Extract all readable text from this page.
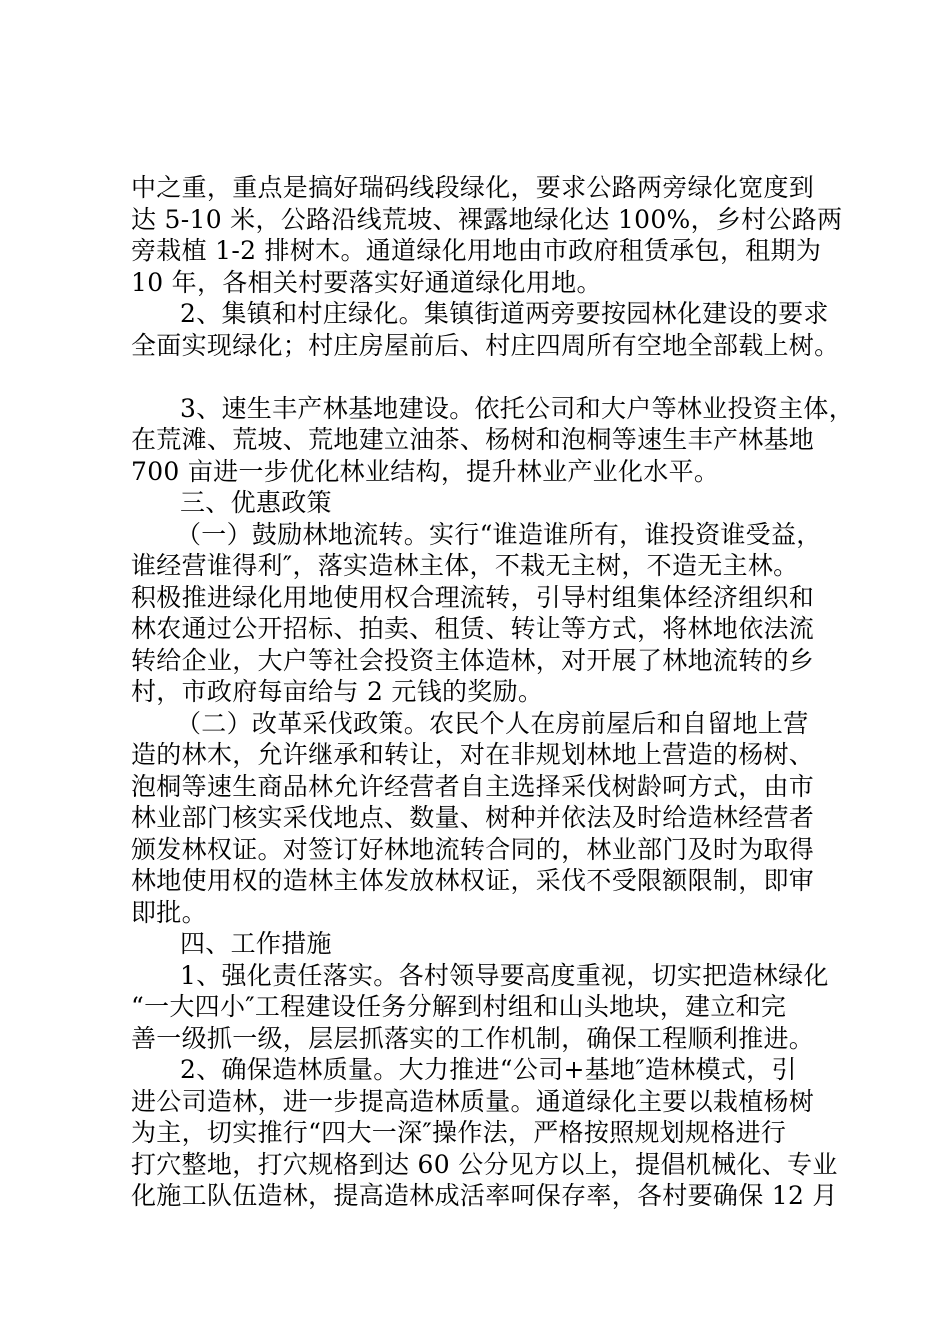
中之重，重点是搞好瑞码线段绿化，要求公路两旁绿化宽度到
达 5-10 米，公路沿线荒坡、裸露地绿化达 100%，乡村公路两
旁栽植 1-2 排树木。通道绿化用地由市政府租赁承包，租期为
10 年，各相关村要落实好通道绿化用地。
2、集镇和村庄绿化。集镇街道两旁要按园林化建设的要求
全面实现绿化；村庄房屋前后、村庄四周所有空地全部载上树。
3、速生丰产林基地建设。依托公司和大户等林业投资主体，
在荒滩、荒坡、荒地建立油茶、杨树和泡桐等速生丰产林基地
700 亩进一步优化林业结构，提升林业产业化水平。
三、优惠政策
（一）鼓励林地流转。实行“谁造谁所有，谁投资谁受益，
谁经营谁得利″，落实造林主体，不栽无主树，不造无主林。
积极推进绿化用地使用权合理流转，引导村组集体经济组织和
林农通过公开招标、拍卖、租赁、转让等方式，将林地依法流
转给企业，大户等社会投资主体造林，对开展了林地流转的乡
村，市政府每亩给与 2 元钱的奖励。
（二）改革采伐政策。农民个人在房前屋后和自留地上营
造的林木，允许继承和转让，对在非规划林地上营造的杨树、
泡桐等速生商品林允许经营者自主选择采伐树龄呵方式，由市
林业部门核实采伐地点、数量、树种并依法及时给造林经营者
颁发林权证。对签订好林地流转合同的，林业部门及时为取得
林地使用权的造林主体发放林权证，采伐不受限额限制，即审
即批。
四、工作措施
1、强化责任落实。各村领导要高度重视，切实把造林绿化
“一大四小″工程建设任务分解到村组和山头地块，建立和完
善一级抓一级，层层抓落实的工作机制，确保工程顺利推进。
2、确保造林质量。大力推进“公司+基地″造林模式，引
进公司造林，进一步提高造林质量。通道绿化主要以栽植杨树
为主，切实推行“四大一深″操作法，严格按照规划规格进行
打穴整地，打穴规格到达 60 公分见方以上，提倡机械化、专业
化施工队伍造林，提高造林成活率呵保存率，各村要确保 12 月
